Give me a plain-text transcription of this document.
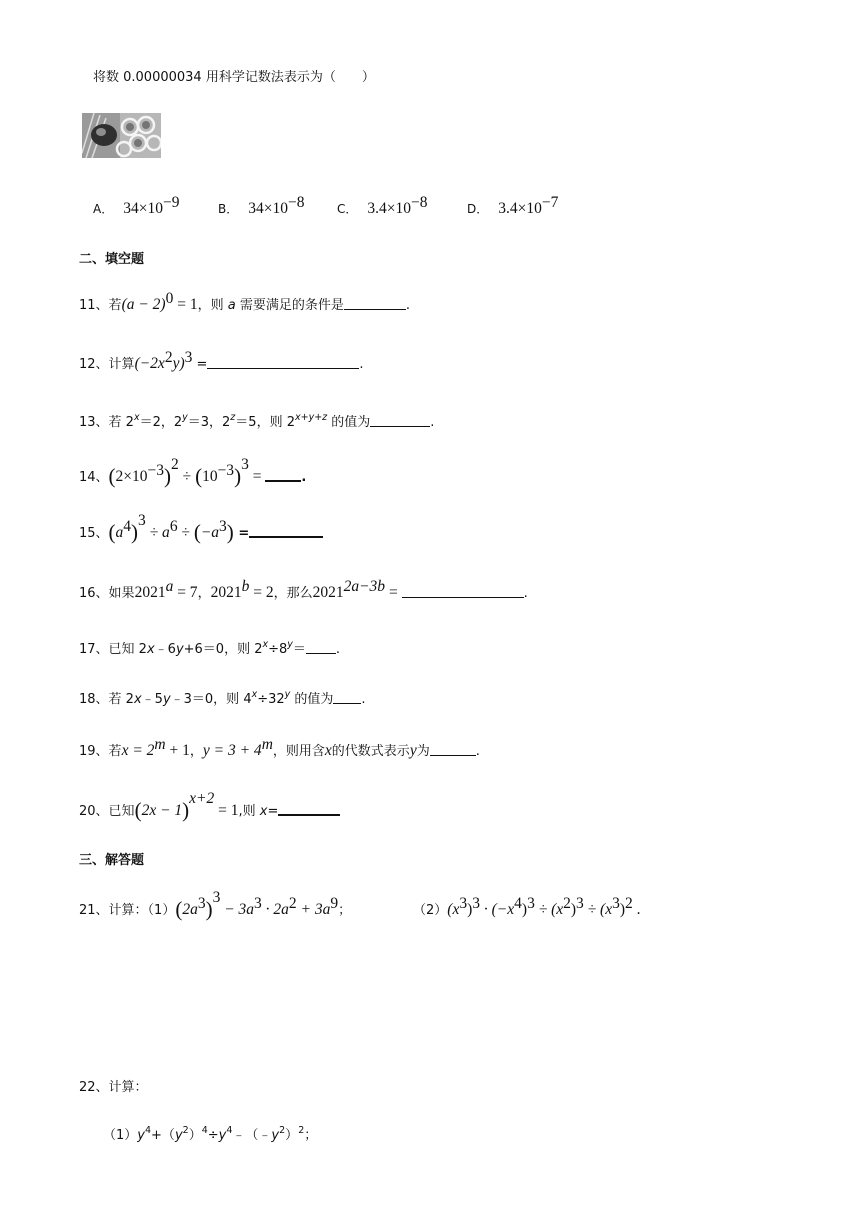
将数 0.00000034 用科学记数法表示为（　　）
A． $34\times 10^{-9}$	B． $34\times 10^{-8}$	C． $3.4\times 10^{-8}$	D． $3.4\times 10^{-7}$
二、填空题
11、若$(a - 2)^0 = 1$，则 a 需要满足的条件是	.
12、计算$(-2x^2y)^3$ =	.
13、若 $2^x=2$，$2^y=3$，$2^z=5$，则 $2^{x+y+z}$ 的值为	.
14、$(2\times 10^{-3})^2 \div (10^{-3})^3$ =	.
15、$(a^4)^3 \div a^6 \div (-a^3)$ =
16、如果$2021^a = 7$，$2021^b = 2$，那么$2021^{2a-3b}$ =	.
17、已知 2x﹣6y+6＝0，则 $2^x\div 8^y=$ .
18、若 2x﹣5y﹣3＝0，则 $4^x\div 32^y$ 的值为 .
19、若$x = 2^m + 1$，$y = 3 + 4^m$，则用含x的代数式表示y为	.
20、已知$(2x - 1)^{x+2} = 1$,则 x=
三、解答题
21、计算：$(1)(2a^3)^3 - 3a^3 \cdot 2a^2 + 3a^9$；	$(2)(x^3)^3 \cdot (-x^4)^3 \div (x^2)^3 \div (x^3)^2$ .
22、计算：
$(1)y^4+(y^2)^4\div y^4﹣(﹣y^2)^2$；
